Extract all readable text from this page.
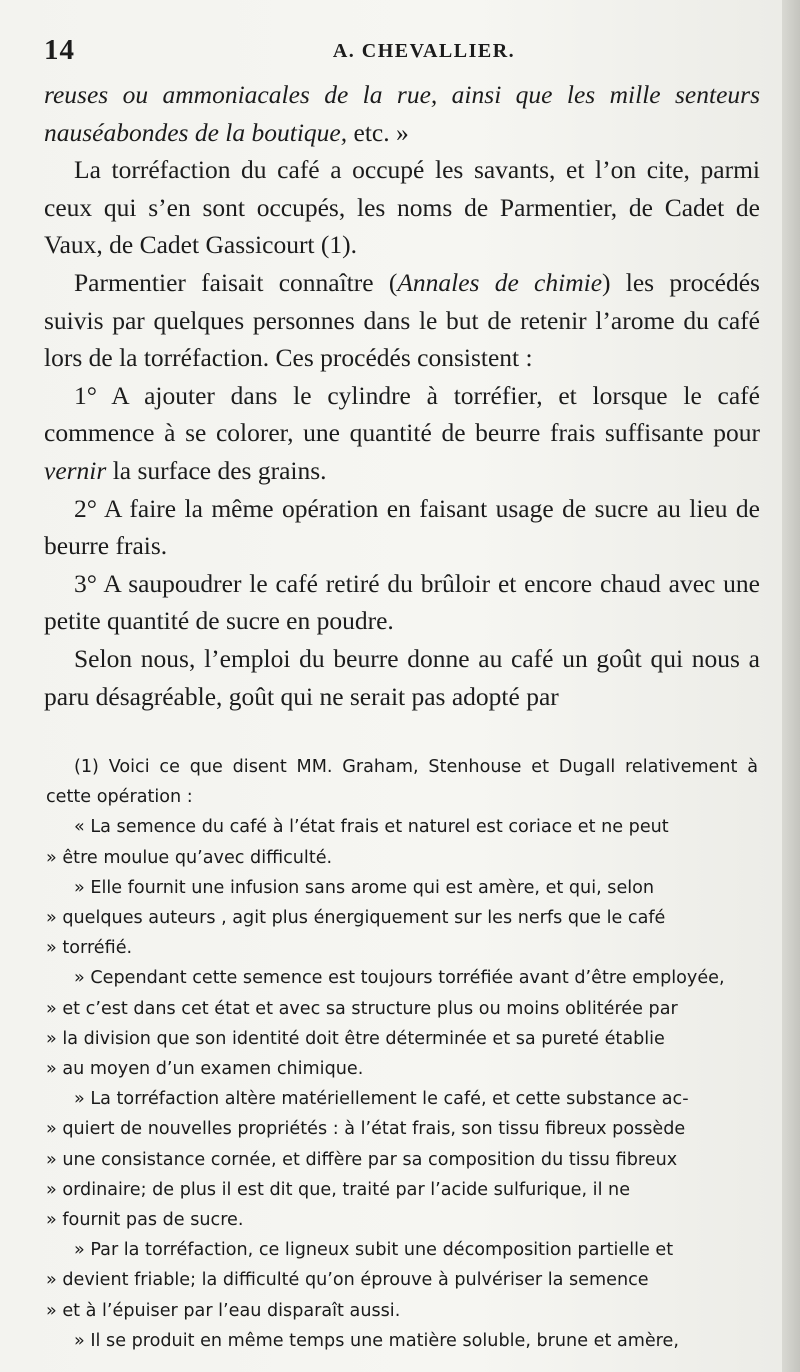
14	A. CHEVALLIER.

reuses ou ammoniacales de la rue, ainsi que les mille senteurs nauséabondes de la boutique, etc. »

La torréfaction du café a occupé les savants, et l’on cite, parmi ceux qui s’en sont occupés, les noms de Parmentier, de Cadet de Vaux, de Cadet Gassicourt (1).

Parmentier faisait connaître (Annales de chimie) les procédés suivis par quelques personnes dans le but de retenir l’arome du café lors de la torréfaction. Ces procédés consistent :

1° A ajouter dans le cylindre à torréfier, et lorsque le café commence à se colorer, une quantité de beurre frais suffisante pour vernir la surface des grains.

2° A faire la même opération en faisant usage de sucre au lieu de beurre frais.

3° A saupoudrer le café retiré du brûloir et encore chaud avec une petite quantité de sucre en poudre.

Selon nous, l’emploi du beurre donne au café un goût qui nous a paru désagréable, goût qui ne serait pas adopté par

(1) Voici ce que disent MM. Graham, Stenhouse et Dugall relativement à cette opération :

« La semence du café à l’état frais et naturel est coriace et ne peut
» être moulue qu’avec difficulté.

» Elle fournit une infusion sans arome qui est amère, et qui, selon
» quelques auteurs , agit plus énergiquement sur les nerfs que le café
» torréfié.

» Cependant cette semence est toujours torréfiée avant d’être employée,
» et c’est dans cet état et avec sa structure plus ou moins oblitérée par
» la division que son identité doit être déterminée et sa pureté établie
» au moyen d’un examen chimique.

» La torréfaction altère matériellement le café, et cette substance ac-
» quiert de nouvelles propriétés : à l’état frais, son tissu fibreux possède
» une consistance cornée, et diffère par sa composition du tissu fibreux
» ordinaire; de plus il est dit que, traité par l’acide sulfurique, il ne
» fournit pas de sucre.

» Par la torréfaction, ce ligneux subit une décomposition partielle et
» devient friable; la difficulté qu’on éprouve à pulvériser la semence
» et à l’épuiser par l’eau disparaît aussi.

» Il se produit en même temps une matière soluble, brune et amère,
